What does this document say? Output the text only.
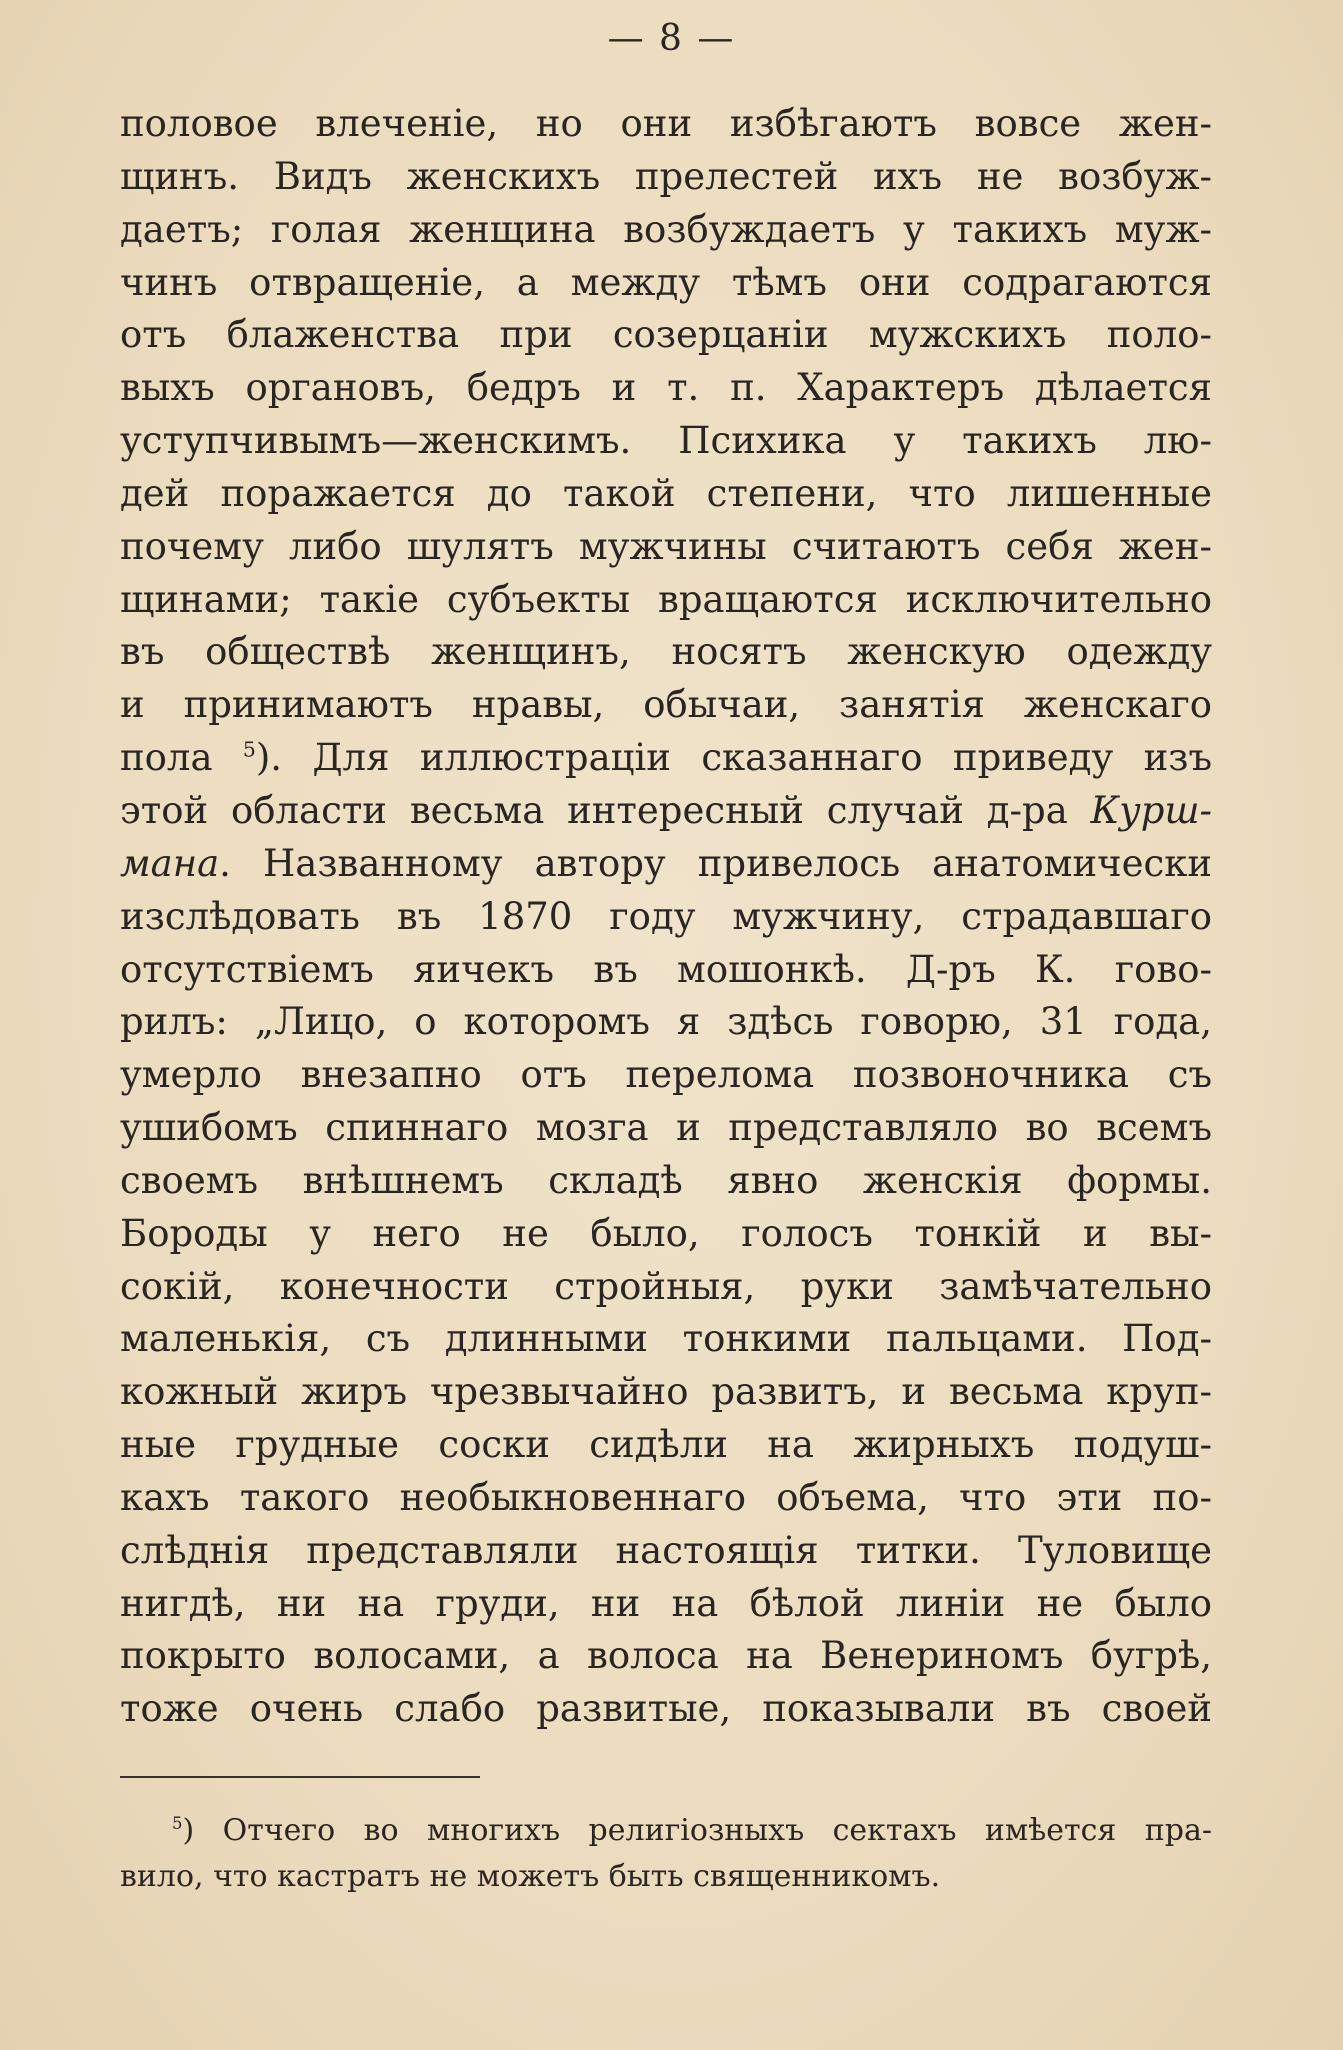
— 8 —
половое влеченіе, но они избѣгаютъ вовсе жен-
щинъ. Видъ женскихъ прелестей ихъ не возбуж-
даетъ; голая женщина возбуждаетъ у такихъ муж-
чинъ отвращеніе, а между тѣмъ они содрагаются
отъ блаженства при созерцаніи мужскихъ поло-
выхъ органовъ, бедръ и т. п. Характеръ дѣлается
уступчивымъ—женскимъ. Психика у такихъ лю-
дей поражается до такой степени, что лишенные
почему либо шулятъ мужчины считаютъ себя жен-
щинами; такіе субъекты вращаются исключительно
въ обществѣ женщинъ, носятъ женскую одежду
и принимаютъ нравы, обычаи, занятія женскаго
пола $^5$). Для иллюстраціи сказаннаго приведу изъ
этой области весьма интересный случай д-ра Курш-
мана. Названному автору привелось анатомически
изслѣдовать въ 1870 году мужчину, страдавшаго
отсутствіемъ яичекъ въ мошонкѣ. Д-ръ К. гово-
рилъ: „Лицо, о которомъ я здѣсь говорю, 31 года,
умерло внезапно отъ перелома позвоночника съ
ушибомъ спиннаго мозга и представляло во всемъ
своемъ внѣшнемъ складѣ явно женскія формы.
Бороды у него не было, голосъ тонкій и вы-
сокій, конечности стройныя, руки замѣчательно
маленькія, съ длинными тонкими пальцами. Под-
кожный жиръ чрезвычайно развитъ, и весьма круп-
ные грудные соски сидѣли на жирныхъ подуш-
кахъ такого необыкновеннаго объема, что эти по-
слѣднія представляли настоящія титки. Туловище
нигдѣ, ни на груди, ни на бѣлой линіи не было
покрыто волосами, а волоса на Венериномъ бугрѣ,
тоже очень слабо развитые, показывали въ своей
$^5$) Отчего во многихъ религіозныхъ сектахъ имѣется пра-
вило, что кастратъ не можетъ быть священникомъ.
